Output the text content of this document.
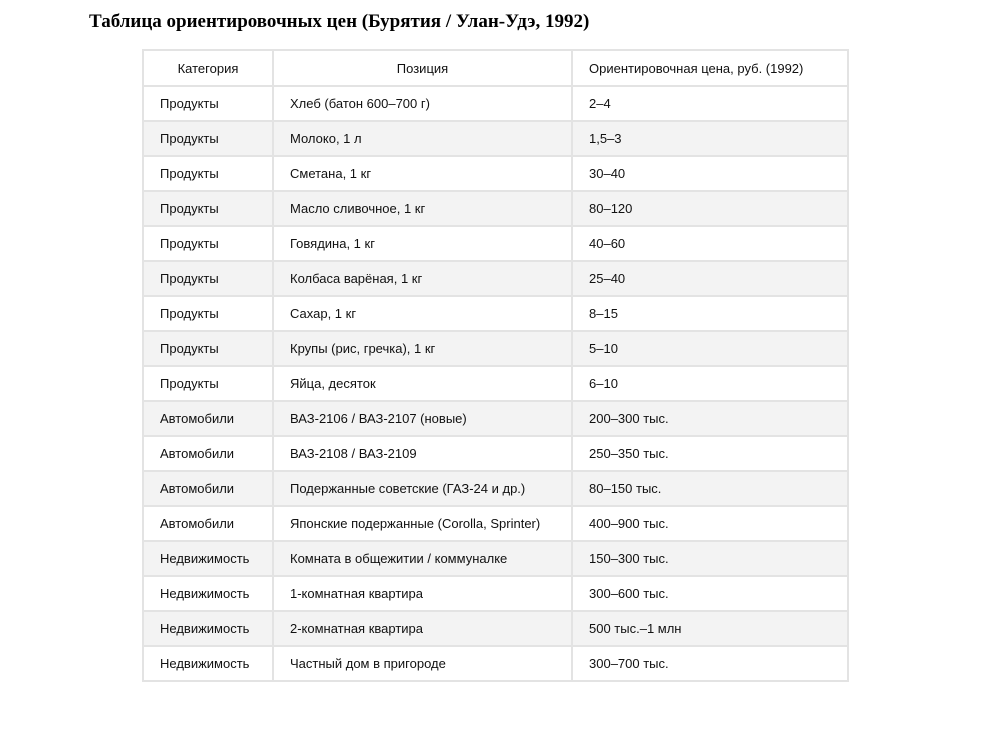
Таблица ориентировочных цен (Бурятия / Улан-Удэ, 1992)
Категория	Позиция	Ориентировочная цена, руб. (1992)
Продукты	Хлеб (батон 600–700 г)	2–4
Продукты	Молоко, 1 л	1,5–3
Продукты	Сметана, 1 кг	30–40
Продукты	Масло сливочное, 1 кг	80–120
Продукты	Говядина, 1 кг	40–60
Продукты	Колбаса варёная, 1 кг	25–40
Продукты	Сахар, 1 кг	8–15
Продукты	Крупы (рис, гречка), 1 кг	5–10
Продукты	Яйца, десяток	6–10
Автомобили	ВАЗ-2106 / ВАЗ-2107 (новые)	200–300 тыс.
Автомобили	ВАЗ-2108 / ВАЗ-2109	250–350 тыс.
Автомобили	Подержанные советские (ГАЗ-24 и др.)	80–150 тыс.
Автомобили	Японские подержанные (Corolla, Sprinter)	400–900 тыс.
Недвижимость	Комната в общежитии / коммуналке	150–300 тыс.
Недвижимость	1-комнатная квартира	300–600 тыс.
Недвижимость	2-комнатная квартира	500 тыс.–1 млн
Недвижимость	Частный дом в пригороде	300–700 тыс.
